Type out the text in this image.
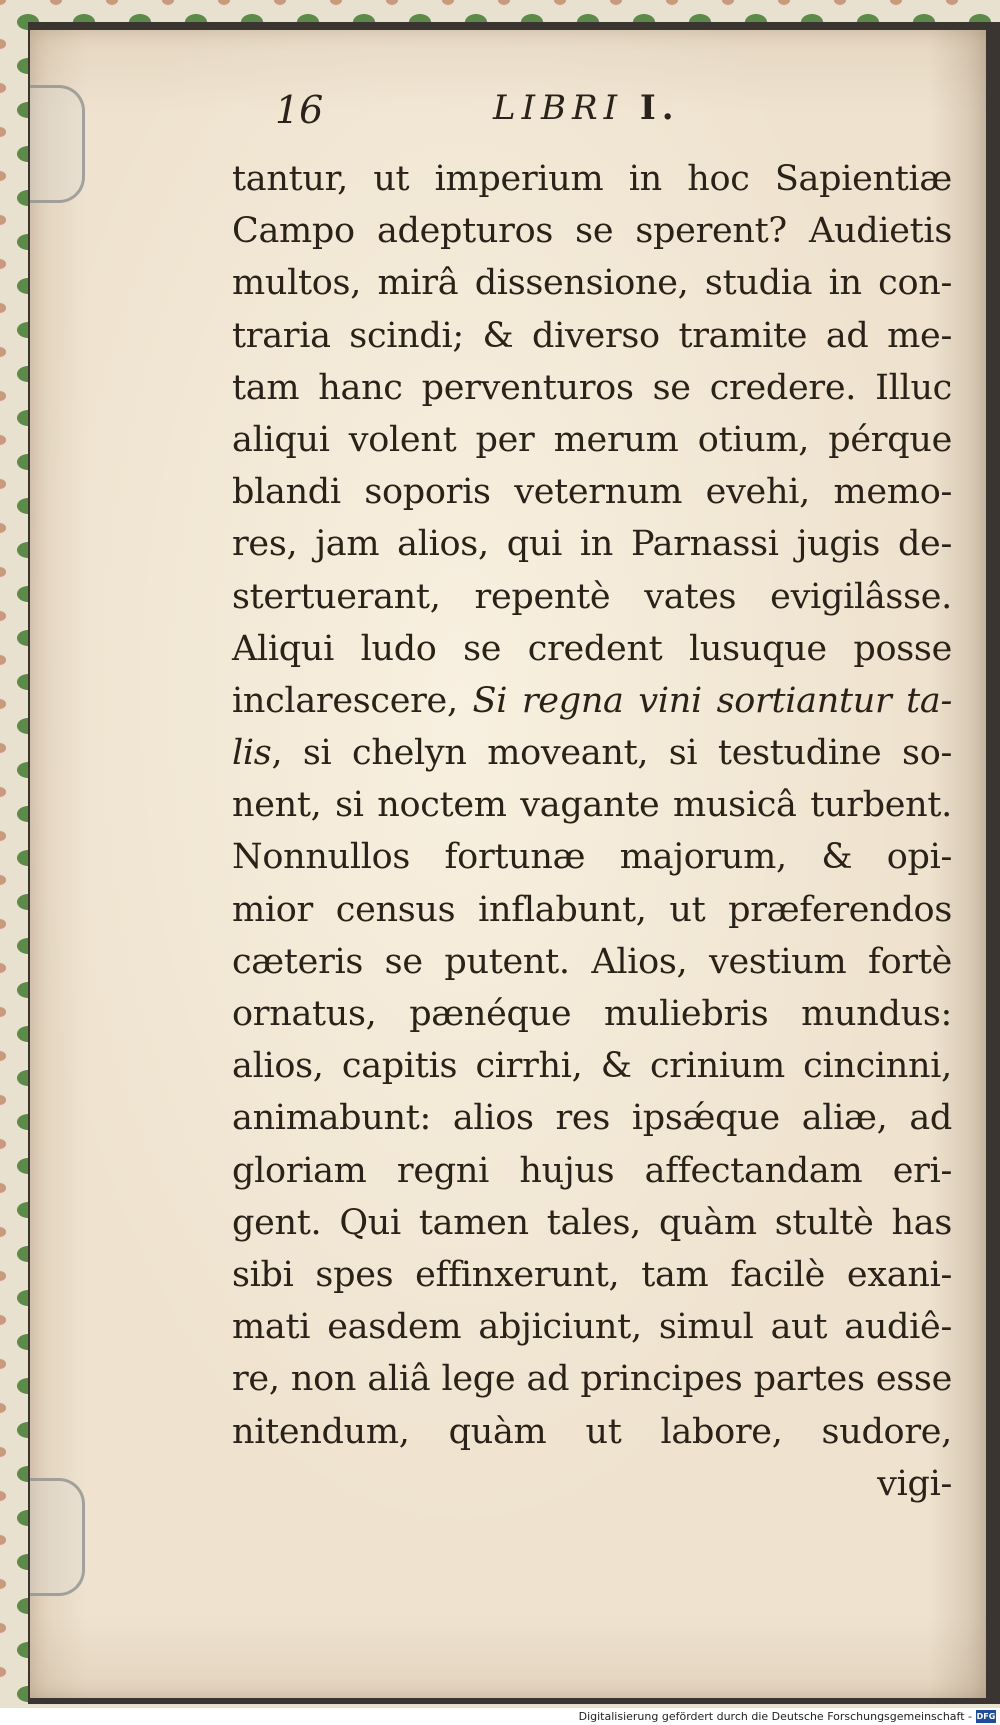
16	LIBRI I.
tantur, ut imperium in hoc Sapientiæ
Campo adepturos se sperent? Audietis
multos, mirâ dissensione, studia in con-
traria scindi; & diverso tramite ad me-
tam hanc perventuros se credere. Illuc
aliqui volent per merum otium, pérque
blandi soporis veternum evehi, memo-
res, jam alios, qui in Parnassi jugis de-
stertuerant, repentè vates evigilâsse.
Aliqui ludo se credent lusuque posse
inclarescere, Si regna vini sortiantur ta-
lis, si chelyn moveant, si testudine so-
nent, si noctem vagante musicâ turbent.
Nonnullos fortunæ majorum, & opi-
mior census inflabunt, ut præferendos
cæteris se putent. Alios, vestium fortè
ornatus, pænéque muliebris mundus:
alios, capitis cirrhi, & crinium cincinni,
animabunt: alios res ipsǽque aliæ, ad
gloriam regni hujus affectandam eri-
gent. Qui tamen tales, quàm stultè has
sibi spes effinxerunt, tam facilè exani-
mati easdem abjiciunt, simul aut audiê-
re, non aliâ lege ad principes partes esse
nitendum, quàm ut labore, sudore,
vigi-
Digitalisierung gefördert durch die Deutsche Forschungsgemeinschaft - DFG
